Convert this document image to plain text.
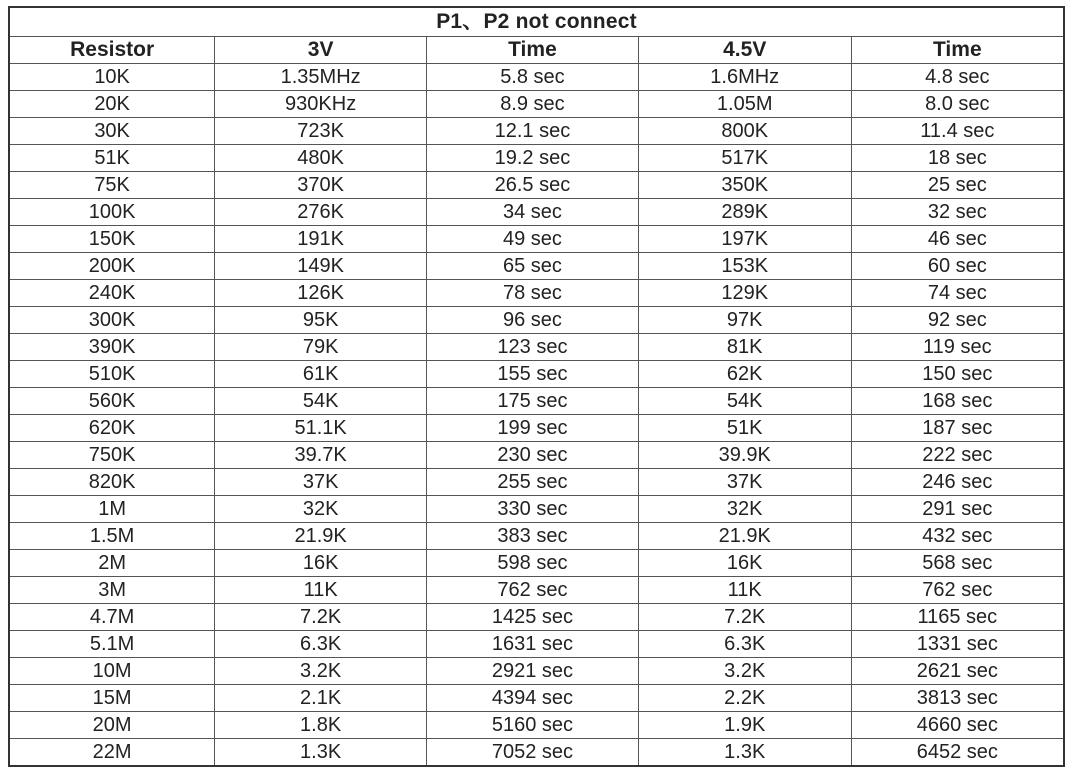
P1、P2 not connect				
Resistor	3V	Time	4.5V	Time
10K	1.35MHz	5.8 sec	1.6MHz	4.8 sec
20K	930KHz	8.9 sec	1.05M	8.0 sec
30K	723K	12.1 sec	800K	11.4 sec
51K	480K	19.2 sec	517K	18 sec
75K	370K	26.5 sec	350K	25 sec
100K	276K	34 sec	289K	32 sec
150K	191K	49 sec	197K	46 sec
200K	149K	65 sec	153K	60 sec
240K	126K	78 sec	129K	74 sec
300K	95K	96 sec	97K	92 sec
390K	79K	123 sec	81K	119 sec
510K	61K	155 sec	62K	150 sec
560K	54K	175 sec	54K	168 sec
620K	51.1K	199 sec	51K	187 sec
750K	39.7K	230 sec	39.9K	222 sec
820K	37K	255 sec	37K	246 sec
1M	32K	330 sec	32K	291 sec
1.5M	21.9K	383 sec	21.9K	432 sec
2M	16K	598 sec	16K	568 sec
3M	11K	762 sec	11K	762 sec
4.7M	7.2K	1425 sec	7.2K	1165 sec
5.1M	6.3K	1631 sec	6.3K	1331 sec
10M	3.2K	2921 sec	3.2K	2621 sec
15M	2.1K	4394 sec	2.2K	3813 sec
20M	1.8K	5160 sec	1.9K	4660 sec
22M	1.3K	7052 sec	1.3K	6452 sec
